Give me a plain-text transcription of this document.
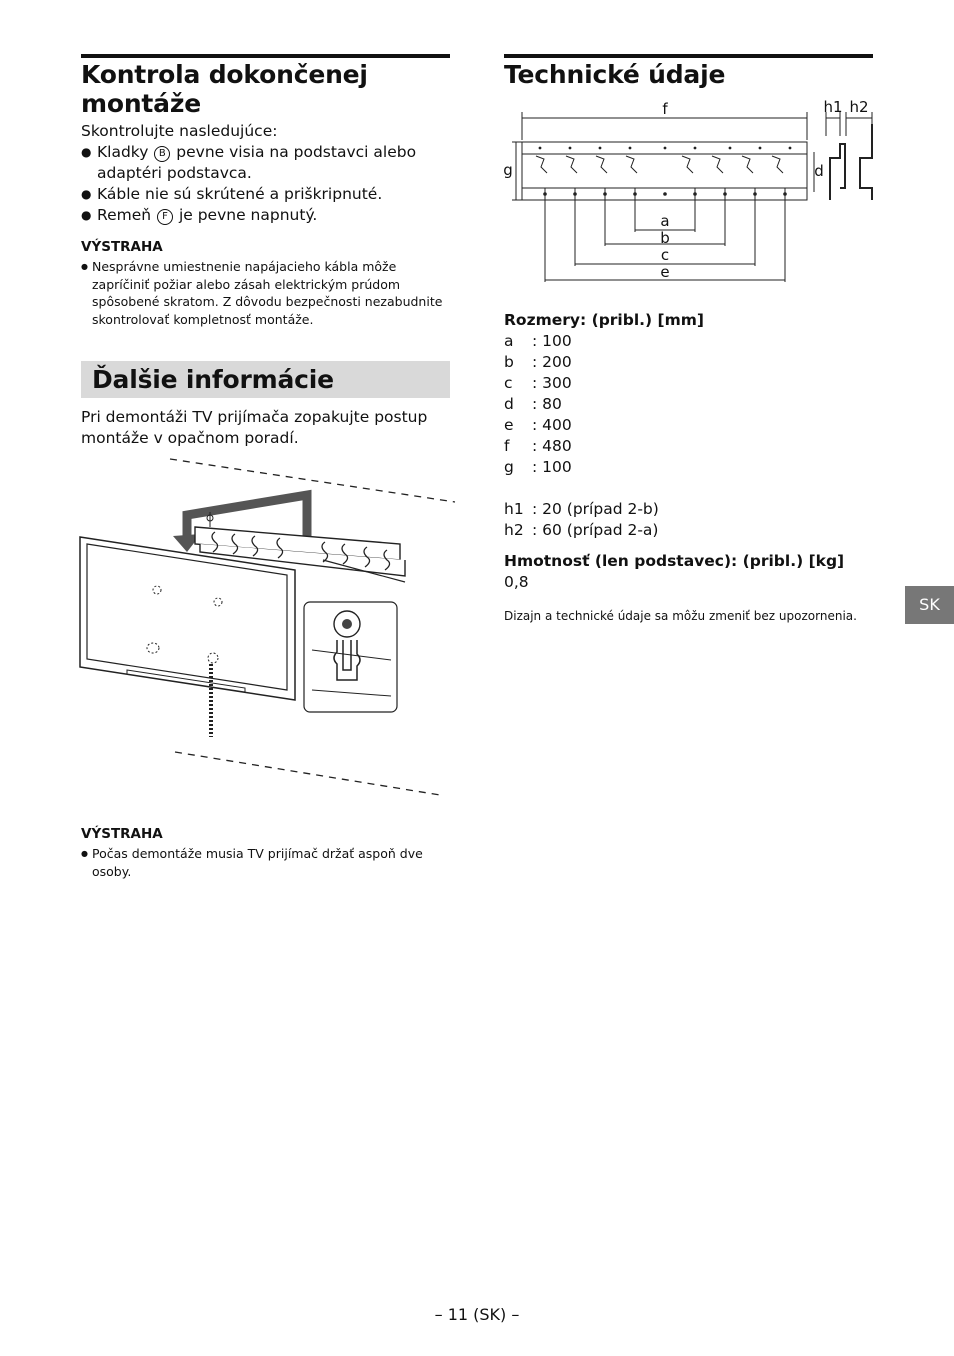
Kontrola dokončenej
montáže
Skontrolujte nasledujúce:
● Kladky B pevne visia na podstavci alebo adaptéri podstavca.
● Káble nie sú skrútené a priškripnuté.
● Remeň F je pevne napnutý.
VÝSTRAHA
● Nesprávne umiestnenie napájacieho kábla môže zapríčiniť požiar alebo zásah elektrickým prúdom spôsobené skratom. Z dôvodu bezpečnosti nezabudnite skontrolovať kompletnosť montáže.
Ďalšie informácie
Pri demontáži TV prijímača zopakujte postup montáže v opačnom poradí.
VÝSTRAHA
● Počas demontáže musia TV prijímač držať aspoň dve osoby.
Technické údaje
f
g	d
h1 h2
a
b
c
e
Rozmery: (pribl.) [mm]
a	: 100
b	: 200
c	: 300
d	: 80
e	: 400
f	: 480
g	: 100
h1 : 20 (prípad 2-b)
h2 : 60 (prípad 2-a)
Hmotnosť (len podstavec): (pribl.) [kg]
0,8
Dizajn a technické údaje sa môžu zmeniť bez upozornenia.
SK
– 11 (SK) –
